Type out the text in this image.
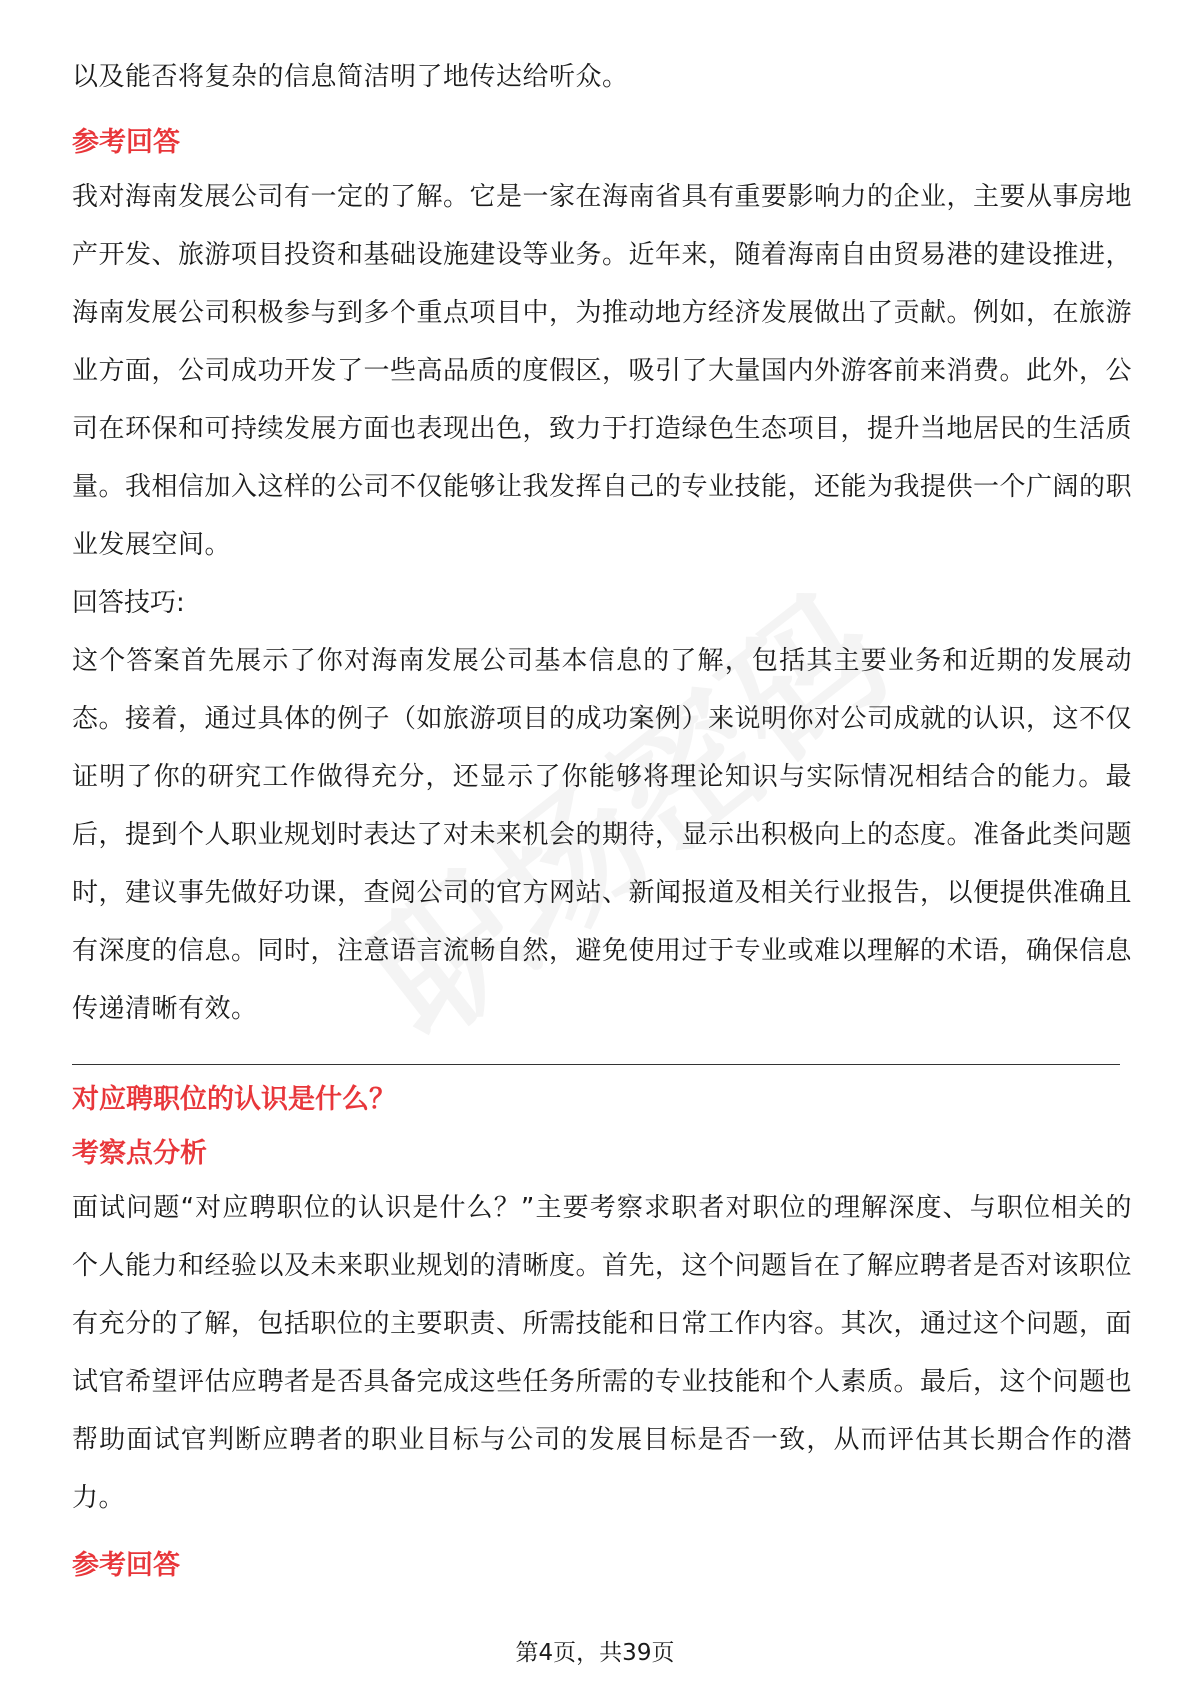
以及能否将复杂的信息简洁明了地传达给听众。

参考回答

我对海南发展公司有一定的了解。它是一家在海南省具有重要影响力的企业，主要从事房地产开发、旅游项目投资和基础设施建设等业务。近年来，随着海南自由贸易港的建设推进，海南发展公司积极参与到多个重点项目中，为推动地方经济发展做出了贡献。例如，在旅游业方面，公司成功开发了一些高品质的度假区，吸引了大量国内外游客前来消费。此外，公司在环保和可持续发展方面也表现出色，致力于打造绿色生态项目，提升当地居民的生活质量。我相信加入这样的公司不仅能够让我发挥自己的专业技能，还能为我提供一个广阔的职业发展空间。

回答技巧:

这个答案首先展示了你对海南发展公司基本信息的了解，包括其主要业务和近期的发展动态。接着，通过具体的例子（如旅游项目的成功案例）来说明你对公司成就的认识，这不仅证明了你的研究工作做得充分，还显示了你能够将理论知识与实际情况相结合的能力。最后，提到个人职业规划时表达了对未来机会的期待，显示出积极向上的态度。准备此类问题时，建议事先做好功课，查阅公司的官方网站、新闻报道及相关行业报告，以便提供准确且有深度的信息。同时，注意语言流畅自然，避免使用过于专业或难以理解的术语，确保信息传递清晰有效。

对应聘职位的认识是什么？

考察点分析

面试问题“对应聘职位的认识是什么？”主要考察求职者对职位的理解深度、与职位相关的个人能力和经验以及未来职业规划的清晰度。首先，这个问题旨在了解应聘者是否对该职位有充分的了解，包括职位的主要职责、所需技能和日常工作内容。其次，通过这个问题，面试官希望评估应聘者是否具备完成这些任务所需的专业技能和个人素质。最后，这个问题也帮助面试官判断应聘者的职业目标与公司的发展目标是否一致，从而评估其长期合作的潜力。

参考回答

第4页，共39页
